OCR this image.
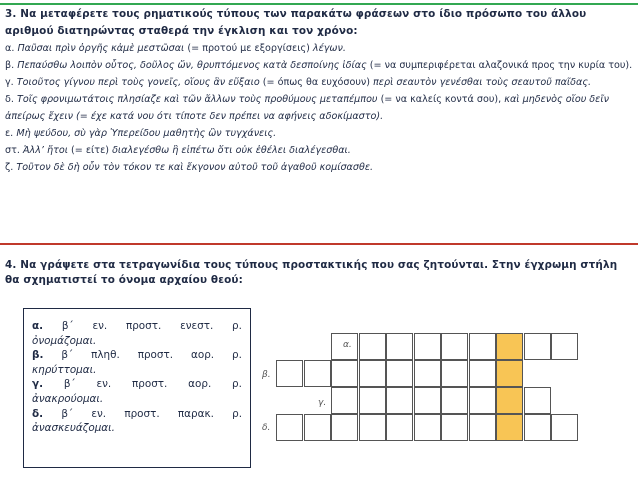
3. Να μεταφέρετε τους ρηματικούς τύπους των παρακάτω φράσεων στο ίδιο πρόσωπο του άλλου αριθμού διατηρώντας σταθερά την έγκλιση και τον χρόνο:
α. Παῦσαι πρὶν ὀργῆς κἀμὲ μεστῶσαι (= προτού με εξοργίσεις) λέγων.
β. Πεπαύσθω λοιπὸν οὗτος, δοῦλος ὤν, θρυπτόμενος κατὰ δεσποίνης ἰδίας (= να συμπεριφέρεται αλαζονικά προς την κυρία του).
γ. Τοιοῦτος γίγνου περὶ τοὺς γονεῖς, οἵους ἂν εὔξαιο (= όπως θα ευχόσουν) περὶ σεαυτὸν γενέσθαι τοὺς σεαυτοῦ παῖδας.
δ. Τοῖς φρονιμωτάτοις πλησίαζε καὶ τῶν ἄλλων τοὺς προθύμους μεταπέμπου (= να καλείς κοντά σου), καὶ μηδενὸς οἴου δεῖν ἀπείρως ἔχειν (= έχε κατά νου ότι τίποτε δεν πρέπει να αφήνεις αδοκίμαστο).
ε. Μὴ ψεύδου, σὺ γὰρ Ὑπερείδου μαθητὴς ὢν τυγχάνεις.
στ. Ἀλλ’ ἤτοι (= είτε) διαλεγέσθω ἢ εἰπέτω ὅτι οὐκ ἐθέλει διαλέγεσθαι.
ζ. Τοῦτον δὲ δὴ οὖν τὸν τόκον τε καὶ ἔκγονον αὐτοῦ τοῦ ἀγαθοῦ κομίσασθε.
4. Να γράψετε στα τετραγωνίδια τους τύπους προστακτικής που σας ζητούνται. Στην έγχρωμη στήλη θα σχηματιστεί το όνομα αρχαίου θεού:
α. β΄ εν. προστ. ενεστ. ρ.
ὀνομάζομαι.
β. β΄ πληθ. προστ. αορ. ρ.
κηρύττομαι.
γ. β΄ εν. προστ. αορ. ρ.
ἀνακρούομαι.
δ. β΄ εν. προστ. παρακ. ρ.
ἀνασκευάζομαι.
α.
β.
γ.
δ.
